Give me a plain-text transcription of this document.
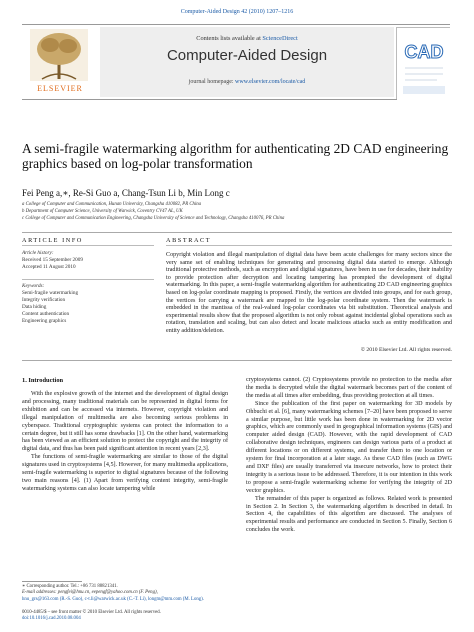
Computer-Aided Design 42 (2010) 1207–1216
ELSEVIER
Contents lists available at ScienceDirect
Computer-Aided Design
journal homepage: www.elsevier.com/locate/cad
CAD
A semi-fragile watermarking algorithm for authenticating 2D CAD engineering graphics based on log-polar transformation
Fei Peng a,∗, Re-Si Guo a, Chang-Tsun Li b, Min Long c
a College of Computer and Communication, Hunan University, Changsha 410082, PR China
b Department of Computer Science, University of Warwick, Coventry CV47 AL, UK
c College of Computer and Communication Engineering, Changsha University of Science and Technology, Changsha 410076, PR China
ARTICLE INFO
Article history:
Received 15 September 2009
Accepted 11 August 2010
Keywords:
Semi-fragile watermarking
Integrity verification
Data hiding
Content authentication
Engineering graphics
ABSTRACT
Copyright violation and illegal manipulation of digital data have been acute challenges for many sectors since the very same set of enabling techniques for generating and processing digital data started to emerge. Although traditional protective methods, such as encryption and digital signatures, have been in use for decades, their inability to provide protection after decryption and locating tampering has prompted the development of digital watermarking. In this paper, a semi-fragile watermarking algorithm for authenticating 2D CAD engineering graphics based on log-polar coordinate mapping is proposed. Firstly, the vertices are divided into groups, and for each group, the vertices for carrying a watermark are mapped to the log-polar coordinate system. Then the watermark is embedded in the mantissa of the real-valued log-polar coordinates via bit substitution. Theoretical analysis and experimental results show that the proposed algorithm is not only robust against incidental global operations such as rotation, translation and scaling, but can also detect and locate malicious attacks such as entity modification and entity addition/deletion.
© 2010 Elsevier Ltd. All rights reserved.
1. Introduction

With the explosive growth of the internet and the development of digital design and processing, many traditional materials can be represented in digital forms for exhibition and can be accessed via internets. However, copyright violation and illegal manipulation of multimedia are also becoming serious problems in cyberspace. Traditional cryptographic systems can protect the information to a certain degree, but it still has some drawbacks [1]. On the other hand, watermarking has been viewed as an efficient solution to protect the copyright and the integrity of digital data, and thus has been paid significant attention in recent years [2,3].

The functions of semi-fragile watermarking are similar to those of the digital signatures used in cryptosystems [4,5]. However, for many multimedia applications, semi-fragile watermarking is superior to digital signatures because of the following two main reasons [4]. (1) Apart from verifying content integrity, semi-fragile watermarking systems can also locate tampering while

cryptosystems cannot. (2) Cryptosystems provide no protection to the media after the media is decrypted while the digital watermark becomes part of the content of the media at all times after embedding, thus providing protection at all times.

Since the publication of the first paper on watermarking for 3D models by Ohbuchi et al. [6], many watermarking schemes [7–20] have been proposed to serve a similar purpose, but little work has been done in watermarking for 2D vector graphics, which are commonly used in geographical information systems (GIS) and computer aided design (CAD). However, with the rapid development of CAD collaborative design techniques, engineers can design various parts of a product at different locations or on different systems, and transfer them to one location or system for final incorporation at a later stage. As these CAD files (such as DWG and DXF files) are usually transferred via insecure networks, how to protect their integrity is a serious issue to be addressed. Therefore, it is our intention in this work to propose a semi-fragile watermarking scheme for verifying the integrity of 2D vector graphics.

The remainder of this paper is organized as follows. Related work is presented in Section 2. In Section 3, the watermarking algorithm is described in detail. In Section 4, the capabilities of this algorithm are discussed. The analyses of experimental results and performance are conducted in Section 5. Finally, Section 6 concludes the work.

∗ Corresponding author. Tel.: +86 731 88821341.
E-mail addresses: pengfei@hnu.cn, eepengf@yahoo.com.cn (F. Peng),
hnu_grs@163.com (R.-S. Guo), c-t.li@warwick.ac.uk (C.-T. Li), longm@mm.com (M. Long).
0010-4485/$ – see front matter © 2010 Elsevier Ltd. All rights reserved.
doi:10.1016/j.cad.2010.08.004
